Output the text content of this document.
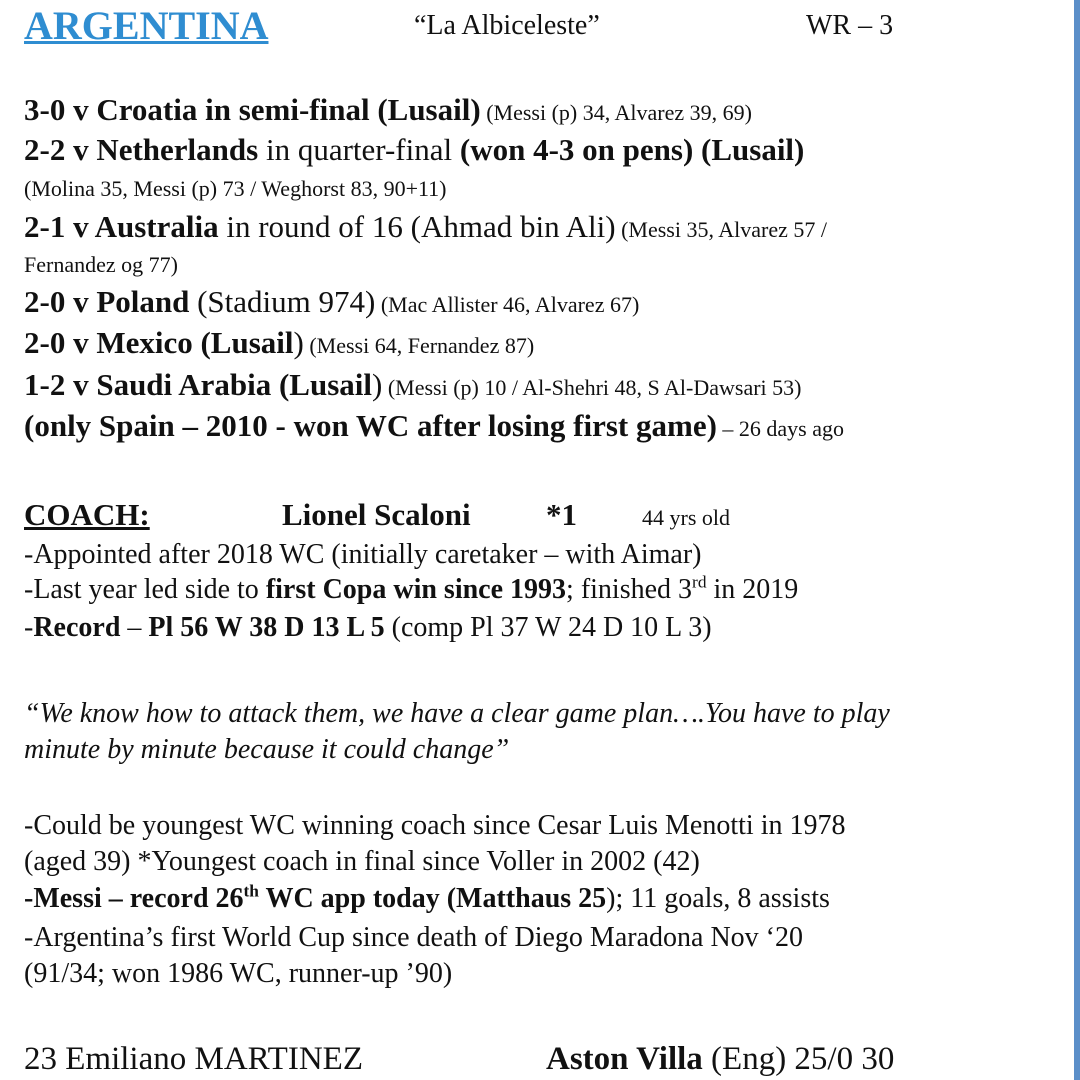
ARGENTINA	“La Albiceleste”	WR – 3
3-0 v Croatia in semi-final (Lusail) (Messi (p) 34, Alvarez 39, 69)
2-2 v Netherlands in quarter-final (won 4-3 on pens) (Lusail)
(Molina 35, Messi (p) 73 / Weghorst 83, 90+11)
2-1 v Australia in round of 16 (Ahmad bin Ali) (Messi 35, Alvarez 57 /
Fernandez og 77)
2-0 v Poland (Stadium 974) (Mac Allister 46, Alvarez 67)
2-0 v Mexico (Lusail) (Messi 64, Fernandez 87)
1-2 v Saudi Arabia (Lusail) (Messi (p) 10 / Al-Shehri 48, S Al-Dawsari 53)
(only Spain – 2010 - won WC after losing first game) – 26 days ago
COACH:	Lionel Scaloni *1	44 yrs old
-Appointed after 2018 WC (initially caretaker – with Aimar)
-Last year led side to first Copa win since 1993; finished 3rd in 2019
-Record – Pl 56 W 38 D 13 L 5 (comp Pl 37 W 24 D 10 L 3)
“We know how to attack them, we have a clear game plan….You have to play
minute by minute because it could change”
-Could be youngest WC winning coach since Cesar Luis Menotti in 1978
(aged 39) *Youngest coach in final since Voller in 2002 (42)
-Messi – record 26th WC app today (Matthaus 25); 11 goals, 8 assists
-Argentina’s first World Cup since death of Diego Maradona Nov ‘20
(91/34; won 1986 WC, runner-up ’90)
23 Emiliano MARTINEZ	Aston Villa (Eng) 25/0 30
